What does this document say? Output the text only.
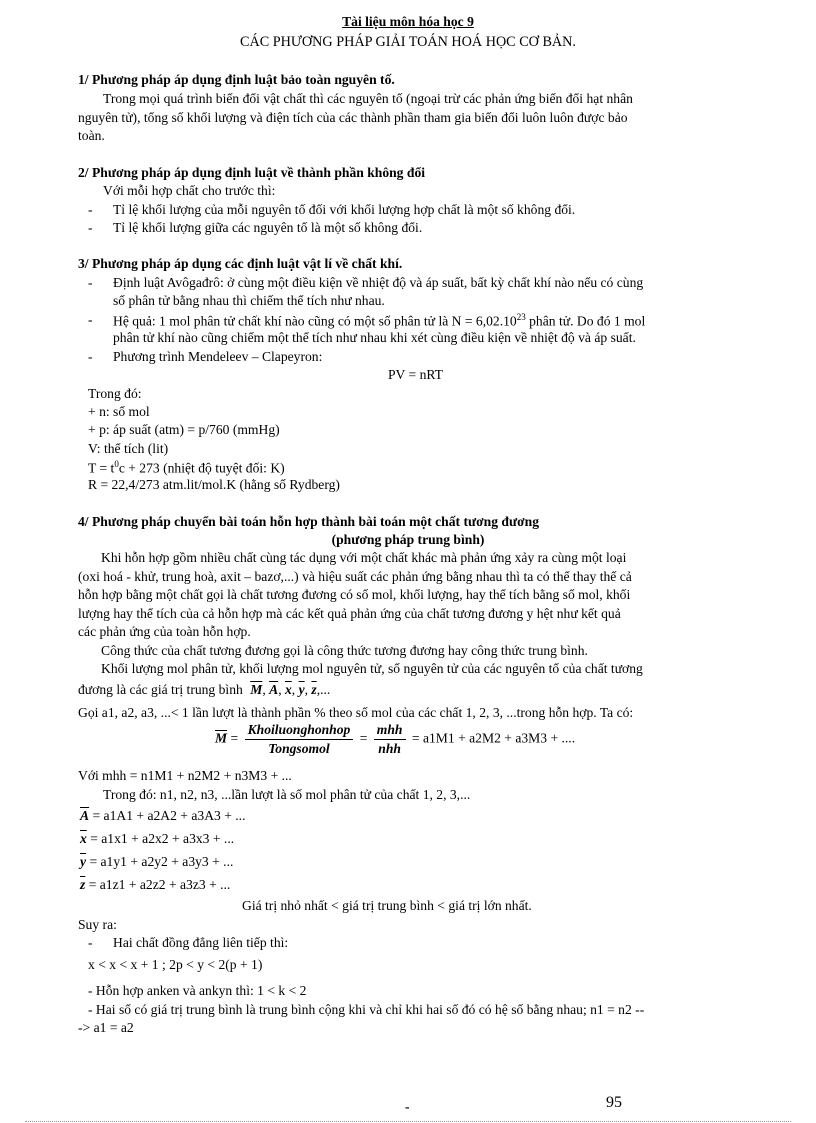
Tài liệu môn hóa học 9
CÁC PHƯƠNG PHÁP GIẢI TOÁN HOÁ HỌC CƠ BẢN.
1/ Phương pháp áp dụng định luật bảo toàn nguyên tố.
Trong mọi quá trình biến đổi vật chất thì các nguyên tố (ngoại trừ các phản ứng biến đổi hạt nhân
nguyên tử), tổng số khối lượng và điện tích của các thành phần tham gia biến đổi luôn luôn được bảo
toàn.
2/ Phương pháp áp dụng định luật về thành phần không đổi
Với mỗi hợp chất cho trước thì:
- Tỉ lệ khối lượng của mỗi nguyên tố đối với khối lượng hợp chất là một số không đổi.
- Tỉ lệ khối lượng giữa các nguyên tố là một số không đổi.
3/ Phương pháp áp dụng các định luật vật lí về chất khí.
- Định luật Avôgađrô: ở cùng một điều kiện về nhiệt độ và áp suất, bất kỳ chất khí nào nếu có cùng
số phân tử bằng nhau thì chiếm thể tích như nhau.
- Hệ quả: 1 mol phân tử chất khí nào cũng có một số phân tử là $N = 6,02.10^{23}$ phân tử. Do đó 1 mol
phân tử khí nào cũng chiếm một thể tích như nhau khi xét cùng điều kiện về nhiệt độ và áp suất.
- Phương trình Mendeleev – Clapeyron:
PV = nRT
Trong đó:
+ n: số mol
+ p: áp suất (atm) = p/760 (mmHg)
V: thể tích (lit)
$T = t^0c + 273$ (nhiệt độ tuyệt đối: K)
R = 22,4/273 atm.lit/mol.K (hằng số Rydberg)
4/ Phương pháp chuyển bài toán hỗn hợp thành bài toán một chất tương đương
(phương pháp trung bình)
Khi hỗn hợp gồm nhiều chất cùng tác dụng với một chất khác mà phản ứng xảy ra cùng một loại
(oxi hoá - khử, trung hoà, axit – bazơ,...) và hiệu suất các phản ứng bằng nhau thì ta có thể thay thế cả
hỗn hợp bằng một chất gọi là chất tương đương có số mol, khối lượng, hay thể tích bằng số mol, khối
lượng hay thể tích của cả hỗn hợp mà các kết quả phản ứng của chất tương đương y hệt như kết quả
các phản ứng của toàn hỗn hợp.
Công thức của chất tương đương gọi là công thức tương đương hay công thức trung bình.
Khối lượng mol phân tử, khối lượng mol nguyên tử, số nguyên tử của các nguyên tố của chất tương
đương là các giá trị trung bình $\overline{M}$, $\overline{A}$, $\overline{x}$, $\overline{y}$, $\overline{z}$,...
Gọi a1, a2, a3, ...< 1 lần lượt là thành phần % theo số mol của các chất 1, 2, 3, ...trong hỗn hợp. Ta có:
$\overline{M} = \frac{\text{Khoiluonghonhop}}{\text{Tongsomol}} = \frac{\text{mhh}}{\text{nhh}} = a1M1 + a2M2 + a3M3$ + ....
Với mhh = n1M1 + n2M2 + n3M3 + ...
Trong đó: n1, n2, n3, ...lần lượt là số mol phân tử của chất 1, 2, 3,...
$\overline{A} = a1A1 + a2A2 + a3A3$ + ...
$\overline{x} = a1x1 + a2x2 + a3x3$ + ...
$\overline{y} = a1y1 + a2y2 + a3y3$ + ...
$\overline{z} = a1z1 + a2z2 + a3z3$ + ...
Giá trị nhỏ nhất < giá trị trung bình < giá trị lớn nhất.
Suy ra:
- Hai chất đồng đẳng liên tiếp thì:
x < x < x + 1 ; 2p < y < 2(p + 1)
- Hỗn hợp anken và ankyn thì: 1 < k < 2
- Hai số có giá trị trung bình là trung bình cộng khi và chỉ khi hai số đó có hệ số bằng nhau; n1 = n2 --
-> a1 = a2
95
-
